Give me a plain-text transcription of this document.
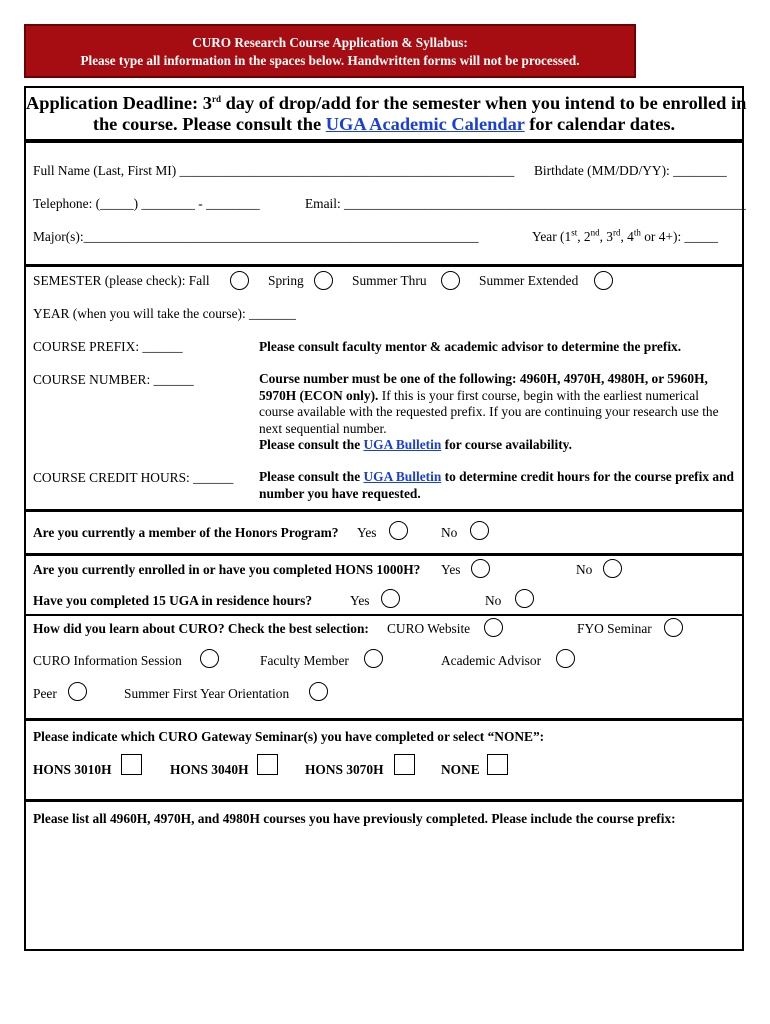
CURO Research Course Application & Syllabus:
Please type all information in the spaces below. Handwritten forms will not be processed.
Application Deadline: 3rd day of drop/add for the semester when you intend to be enrolled in
the course. Please consult the UGA Academic Calendar for calendar dates.
Full Name (Last, First MI) __________________________________________________ Birthdate (MM/DD/YY): ________
Telephone: (_____) ________ - ________	Email: ____________________________________________________________
Major(s):___________________________________________________________	Year (1st, 2nd, 3rd, 4th or 4+): _____
SEMESTER (please check): Fall	Spring	Summer Thru	Summer Extended
YEAR (when you will take the course): _______
COURSE PREFIX: ______	Please consult faculty mentor & academic advisor to determine the prefix.
COURSE NUMBER: ______	Course number must be one of the following: 4960H, 4970H, 4980H, or 5960H, 5970H (ECON only). If this is your first course, begin with the earliest numerical course available with the requested prefix. If you are continuing your research use the next sequential number.
Please consult the UGA Bulletin for course availability.
COURSE CREDIT HOURS: ______ Please consult the UGA Bulletin to determine credit hours for the course prefix and number you have requested.
Are you currently a member of the Honors Program? Yes	No
Are you currently enrolled in or have you completed HONS 1000H? Yes	No
Have you completed 15 UGA in residence hours?	Yes	No
How did you learn about CURO? Check the best selection: CURO Website	FYO Seminar
CURO Information Session	Faculty Member	Academic Advisor
Peer	Summer First Year Orientation
Please indicate which CURO Gateway Seminar(s) you have completed or select “NONE”:
HONS 3010H	HONS 3040H	HONS 3070H	NONE
Please list all 4960H, 4970H, and 4980H courses you have previously completed. Please include the course prefix:
